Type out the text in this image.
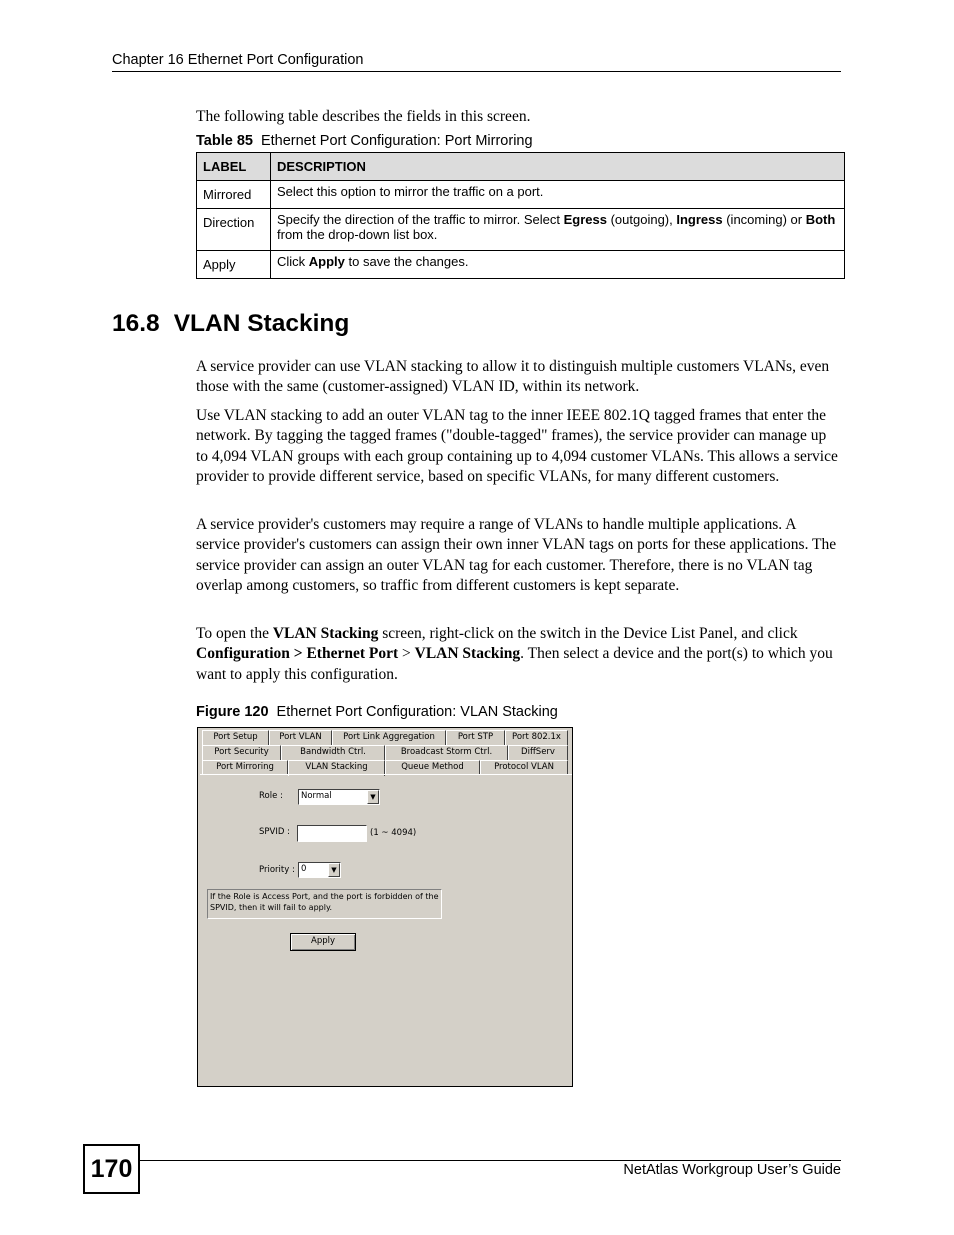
Chapter 16 Ethernet Port Configuration
The following table describes the fields in this screen.
Table 85 Ethernet Port Configuration: Port Mirroring
LABEL	DESCRIPTION
Mirrored	Select this option to mirror the traffic on a port.
Direction	Specify the direction of the traffic to mirror. Select Egress (outgoing), Ingress (incoming) or Both from the drop-down list box.
Apply	Click Apply to save the changes.
16.8 VLAN Stacking

A service provider can use VLAN stacking to allow it to distinguish multiple customers VLANs, even those with the same (customer-assigned) VLAN ID, within its network.

Use VLAN stacking to add an outer VLAN tag to the inner IEEE 802.1Q tagged frames that enter the network. By tagging the tagged frames ("double-tagged" frames), the service provider can manage up to 4,094 VLAN groups with each group containing up to 4,094 customer VLANs. This allows a service provider to provide different service, based on specific VLANs, for many different customers.

A service provider's customers may require a range of VLANs to handle multiple applications. A service provider's customers can assign their own inner VLAN tags on ports for these applications. The service provider can assign an outer VLAN tag for each customer. Therefore, there is no VLAN tag overlap among customers, so traffic from different customers is kept separate.

To open the VLAN Stacking screen, right-click on the switch in the Device List Panel, and click Configuration > Ethernet Port > VLAN Stacking. Then select a device and the port(s) to which you want to apply this configuration.

Figure 120 Ethernet Port Configuration: VLAN Stacking
Port Setup	Port VLAN	Port Link Aggregation	Port STP	Port 802.1x
Port Security	Bandwidth Ctrl.	Broadcast Storm Ctrl.	DiffServ
Port Mirroring	VLAN Stacking	Queue Method	Protocol VLAN
Role :	Normal	▼
SPVID :	(1 ~ 4094)
Priority : 0	▼
If the Role is Access Port, and the port is forbidden of the SPVID, then it will fail to apply.
Apply
170	NetAtlas Workgroup User’s Guide
